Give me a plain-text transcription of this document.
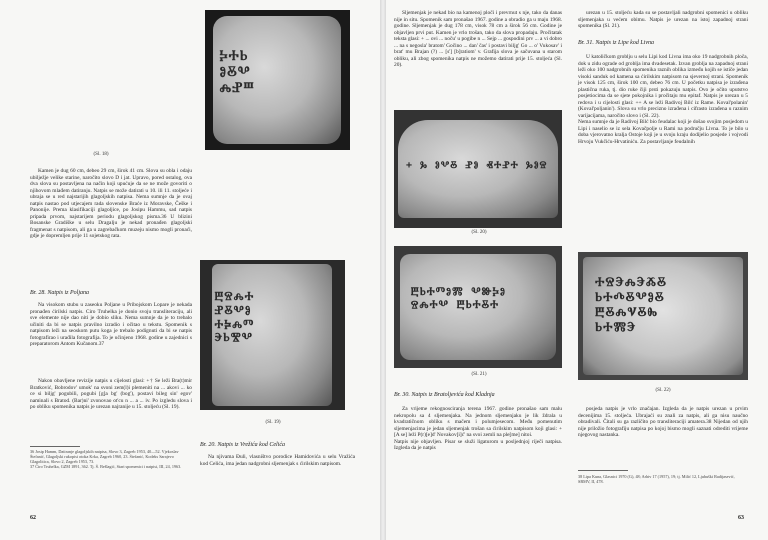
ⰍⰀⰓ
ⰑⰋⰂ
ⰎⰐⰞ
(Sl. 18)

Kamen je dug 60 cm, debeo 29 cm, širok 41 cm. Slova su obla i odaju ubilježje velike starine, naročito slovo D i jat. Upravo, pored ostalog, ova dva slova su postavljena na način koji upućuje da se ne može govoriti o njihovom mlađem datiranju. Natpis se može datirati u 10. ili 11. stoljeće i ubraja se u red najstarijih glagoljskih natpisa. Nema sumnje da je ovaj natpis nastao pod utjecajem rada slovenske Braće iz Moravske, Češke i Panonije. Prema klasifikaciji glagoljice, po Josipu Hammu, sad natpis pripada prvom, najstarijem periodu glagoljskog pisma.36 U blizini Bosanske Gradiške u selu Dragalju je nekad pronađen glagoljski fragmenat s natpisom, ali ga u zagrebačkom muzeju nismo mogli pronaći, gdje je dopremljen prije 11 sojetskog rata.

Br. 28. Natpis iz Poljana

Na visokom stubu u zaseoku Poljane u Pribojskom Lopare je nekada pronađen ćirilski natpis. Ciro Truhelka je donio svoju transliteraciju, ali sve elemente nije dao niti je dobio sliku. Nema sumnje da je to trebalo učiniti da bi se natpis pravilno izradio i očitao u tekstu. Spomenik s natpisom leži na seoskom putu koga je trebalo podignuti da bi se natpis fotografirao i urađila fotografija. To je učinjeno 1968. godine u zajednici s preparatorom Antom Kučanom.37

Nakon obavljene revizije natpis u cijelosti glasi: +† Se leži Bra(t)mir Bratković, Bobrodov' umok' na svoni zem(l)i plemeniti na ... akovi ... ko ce si biljg' pogubili, pogubi [g]a bg' (bog'), postavi bileg sin' egov' naminali s Bratod. (Bar)ni' zvonovao ot'cu n ... a ... iv. Po izgledu slova i po obliku spomenika natpis je urezan najranije u 15. stoljeću (Sl. 19).

36 Josip Hamm, Datiranje glagoljskih natpisa, Slovo 3, Zagreb 1953, 40—52. Vjekoslav Štefanić, Glagoljski rukopisi otoka Krka, Zagreb 1960, 23. Štefanić, Kodeks Sarajevo Glagolitica, Slovo 2, Zagreb 1953, 73.
37 Ćiro Truhelka, GZM 1891, 362. Tj. Š. Bešlagić, Stari spomenici i natpisi, III, 24, 1963.
62
ⰁⰔⰎⰀ
ⰐⰋⰂⰑ
ⰀⰍⰎⰕ
ⰅⰓⰊⰂ
(Sl. 19)
Br. 20. Natpis iz Vrežića kod Celića

Na njivama Đuli, vlasništvo porodice Hamidovića u selu Vražića kod Celića, ima jedan nadgrobni sljemenjak s ćirilskim natpisom.

Sljemenjak je nekad bio na kamenoj ploči i prevrnut s nje, tako da danas nije in situ. Spomenik sam pronašao 1967. godine a obradio ga u maju 1968. godine. Sljemenjak je dug 178 cm, visok 78 cm a širok 56 cm. Godine je objavljen prvi put. Kamen je vrlo trošan, tako da slova propadaju. Pročitatak teksta glasi: + ... ovi ... noču' u pogibe n ... Sejp ... gospodini prv ... a vi dobro ... na s negosla' bratom' Gočino ... dan' čas' i postavi biljg' Go ... o' Vukosav' i brat' mu Brajan (?) ... [s'] [b]ratiom' v. Grafija slova je sačuvana u starom obliku, ali zbog spomenika natpis ne možemo datirati prije 15. stoljeća (Sl. 20).

+ Ⰳ ⰑⰂⰋ ⰐⰑ ⰟⰀⰐⰀ ⰃⰑⰔ
(Sl. 20)

urezan u 15. stoljeću kada su se postavljali nadgrobni spomenici u obliku sljemenjaka u većem obimu. Natpis je urezan na istoj zapadnoj strani spomenika (Sl. 21).

Br. 31. Natpis iz Lipe kod Livna

U katoličkom groblju u selu Lipi kod Livna ima oko 19 nadgrobnih ploča, dok u zidu ograde od groblja ima dvadesetak. Izvan groblja na zapadnoj strani leži oko 100 nadgrobnih spomenika raznih oblika između kojih se ističe jedan visoki sanduk od kamena sa ćirilskim natpisom na sjevernoj strani. Spomenik je visok 125 cm, širok 100 cm, debeo 76 cm. U početku natpisa je izrađena plastična ruka, tj. dio ruke čiji prsti pokazuju natpis. Ovo je očito uputstvo posjetiocima da se sjete pokojnika i pročitaju mu epitaf. Natpis je urezan u 5 redova i u cijelosti glasi: ++ A se leži Radivoj Bilć iz Rame. Koval'polanin' (Koval'poljanin'). Slova su vrlo precizno izrađena i cifrasto izrađena u raznim varijacijama, naročito slovo i (Sl. 22).
Nema sumnje da je Radivoj Bilć bio feudalac koji je došao svojim posjedom u Lipi i naselio se iz sela Kovačpolje u Rami na području Livna. To je bilo u doba vjerovatno kralja Ostoje koji je u svoju kraju dodijelio posjede i vojvodi Hrvoju Vukčiću-Hrvatiniću. Za postavljanje feudalnih

ⰁⰓⰀⰕⰑⰏ ⰂⰖⰍⰑ
ⰔⰎⰀⰂ ⰁⰓⰀⰋⰀ
(Sl. 21)
ⰀⰔⰅⰎⰅⰆⰋ
ⰓⰀⰄⰋⰂⰑⰋ
ⰁⰋⰎⰜⰋⰈ
ⰓⰀⰏⰅ
(Sl. 22)
Br. 30. Natpis iz Bratoljevića kod Kladnja

Za vrijeme rekognosciranja terena 1967. godine pronašao sam malu nekropolu sa 4 sljemenjaka. Na jednom sljemenjaku je lik ždrala u kvadratičnom obliku s mačem i polumjesecom. Među pomenutim sljemenjacima je jedan sljemenjak trošan sa ćirilskim natpisom koji glasi: +[A se] leži P(r)[e]d' Novakov[i]ć' na svoi zemli na ple[me] nitoi.
Natpis nije objavljen. Pisar se služi ligaturom u posljednjoj riječi natpisa. Izgleda da je natpis

posjeda natpis je vrlo značajan. Izgleda da je natpis urezan u prvim decenijima 15. stoljeća. Ubrajaći su znali za natpis, ali ga nisu naučno obradivali. Čitali su ga različito po transliteraciji amatera.38 Nijedan od njih nije priložio fotografiju natpisa po kojoj bismo mogli saznati odrediti vrijeme njegovog nastanka.

38 Lipa Kuna, Glasnici 1970 (G), 48; Arhiv 17 (1957), 19; tj. Milić 12, Ljubuški Radijasević, SBMV, II, 478.
63
